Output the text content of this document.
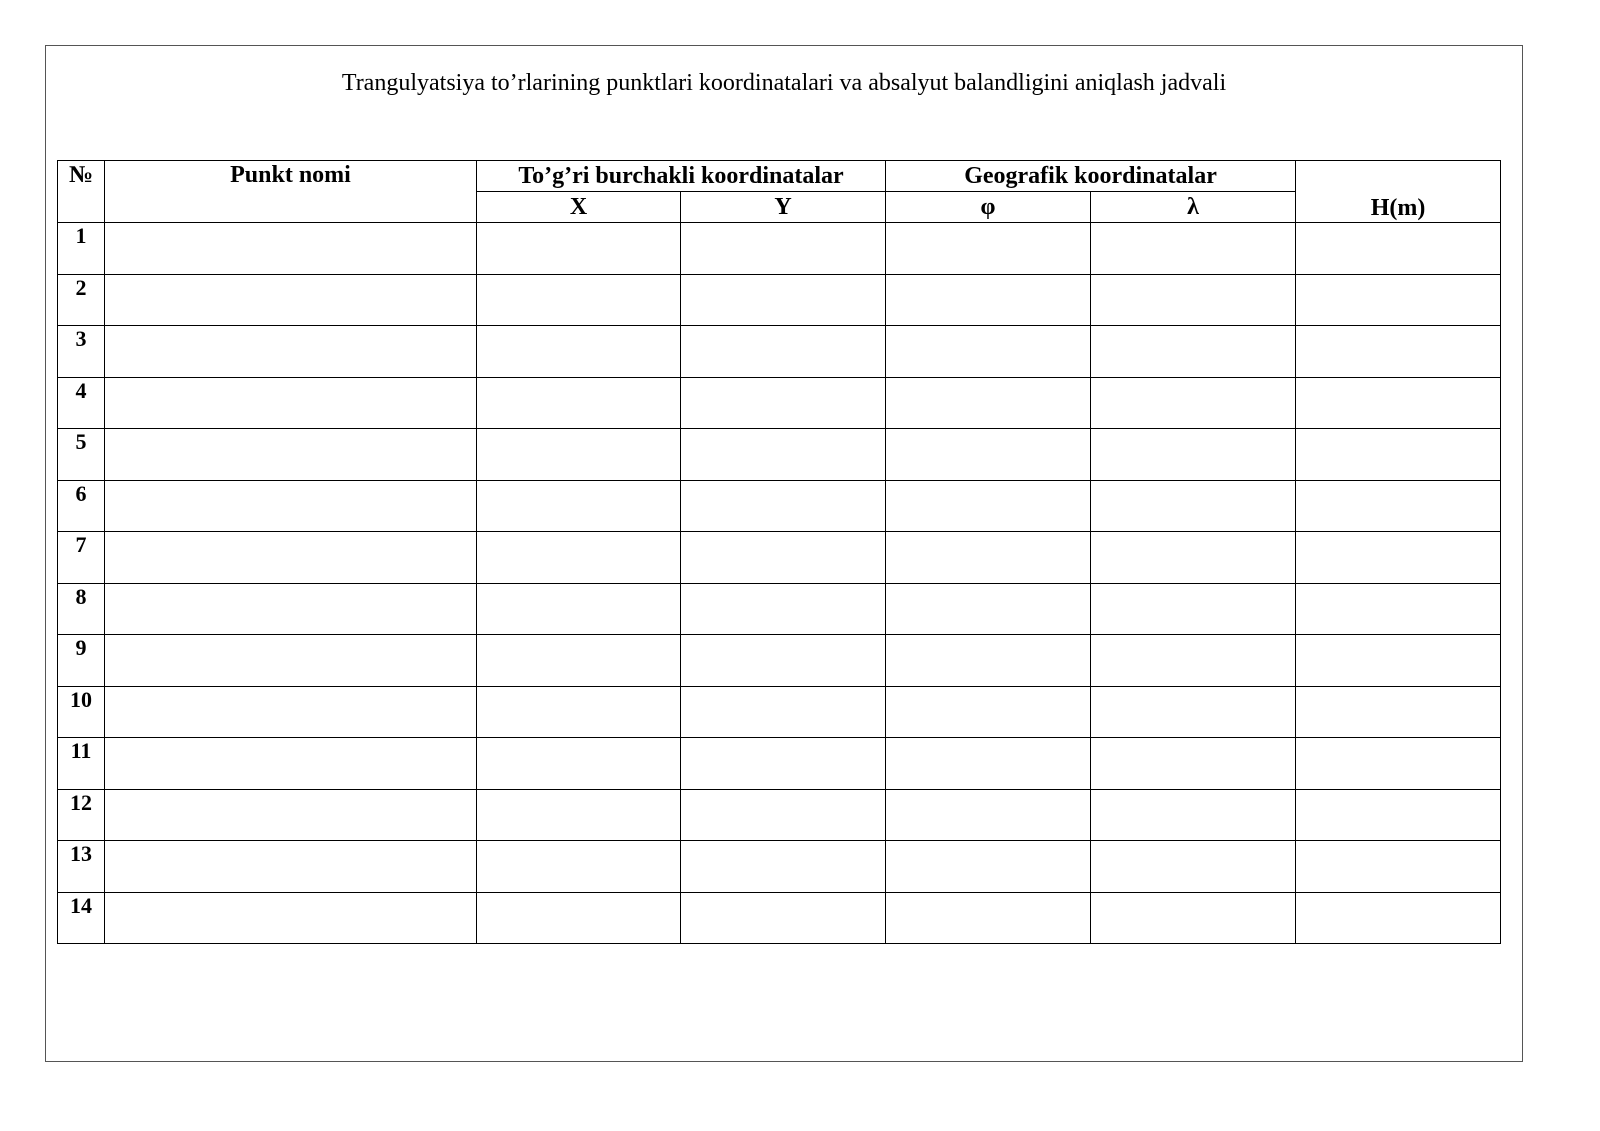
Trangulyatsiya to’rlarining punktlari koordinatalari va absalyut balandligini aniqlash jadvali
№	Punkt nomi	To’g’ri burchakli koordinatalar		Geografik koordinatalar		H(m)
		X	Y	φ	λ	
1						
2						
3						
4						
5						
6						
7						
8						
9						
10						
11						
12						
13						
14						
